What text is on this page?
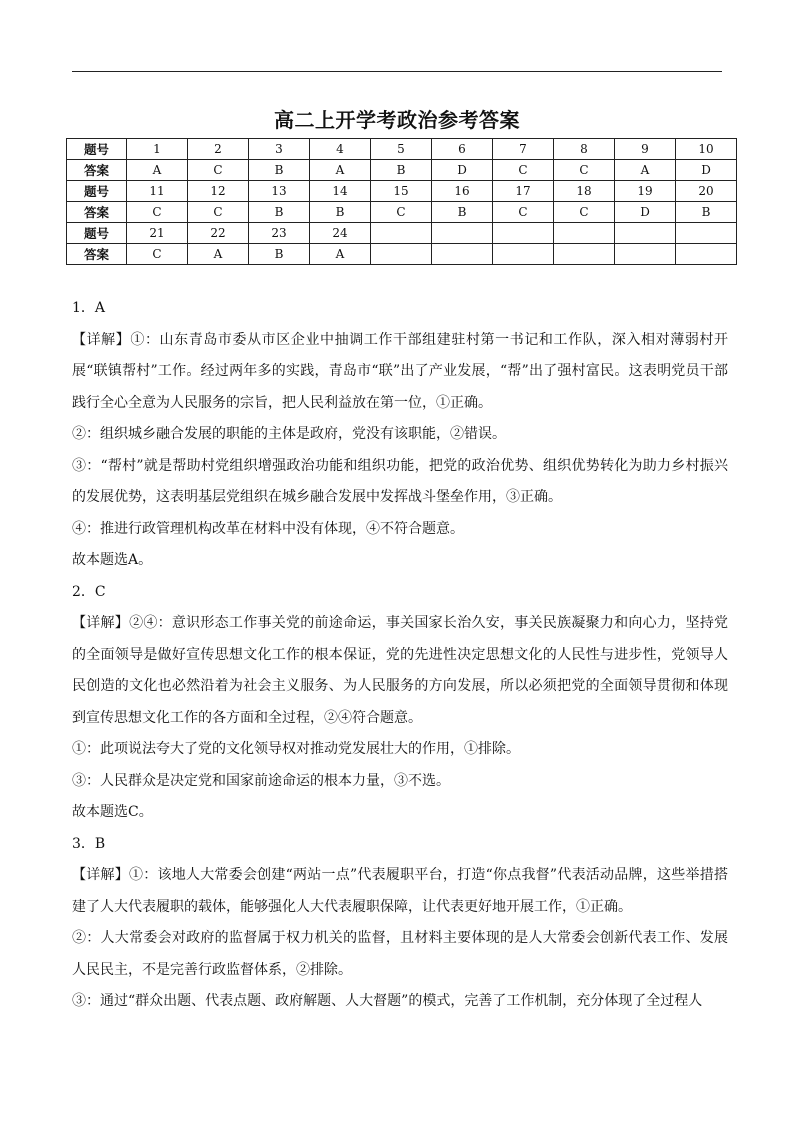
高二上开学考政治参考答案
题号	1	2	3	4	5	6	7	8	9	10
答案	A	C	B	A	B	D	C	C	A	D
题号	11	12	13	14	15	16	17	18	19	20
答案	C	C	B	B	C	B	C	C	D	B
题号	21	22	23	24						
答案	C	A	B	A						

1．A

【详解】①：山东青岛市委从市区企业中抽调工作干部组建驻村第一书记和工作队，深入相对薄弱村开展“联镇帮村”工作。经过两年多的实践，青岛市“联”出了产业发展，“帮”出了强村富民。这表明党员干部践行全心全意为人民服务的宗旨，把人民利益放在第一位，①正确。

②：组织城乡融合发展的职能的主体是政府，党没有该职能，②错误。

③：“帮村”就是帮助村党组织增强政治功能和组织功能，把党的政治优势、组织优势转化为助力乡村振兴的发展优势，这表明基层党组织在城乡融合发展中发挥战斗堡垒作用，③正确。

④：推进行政管理机构改革在材料中没有体现，④不符合题意。

故本题选A。

2．C

【详解】②④：意识形态工作事关党的前途命运，事关国家长治久安，事关民族凝聚力和向心力，坚持党的全面领导是做好宣传思想文化工作的根本保证，党的先进性决定思想文化的人民性与进步性，党领导人民创造的文化也必然沿着为社会主义服务、为人民服务的方向发展，所以必须把党的全面领导贯彻和体现到宣传思想文化工作的各方面和全过程，②④符合题意。

①：此项说法夸大了党的文化领导权对推动党发展壮大的作用，①排除。

③：人民群众是决定党和国家前途命运的根本力量，③不选。

故本题选C。

3．B

【详解】①：该地人大常委会创建“两站一点”代表履职平台，打造“你点我督”代表活动品牌，这些举措搭建了人大代表履职的载体，能够强化人大代表履职保障，让代表更好地开展工作，①正确。

②：人大常委会对政府的监督属于权力机关的监督，且材料主要体现的是人大常委会创新代表工作、发展人民民主，不是完善行政监督体系，②排除。

③：通过“群众出题、代表点题、政府解题、人大督题”的模式，完善了工作机制，充分体现了全过程人
